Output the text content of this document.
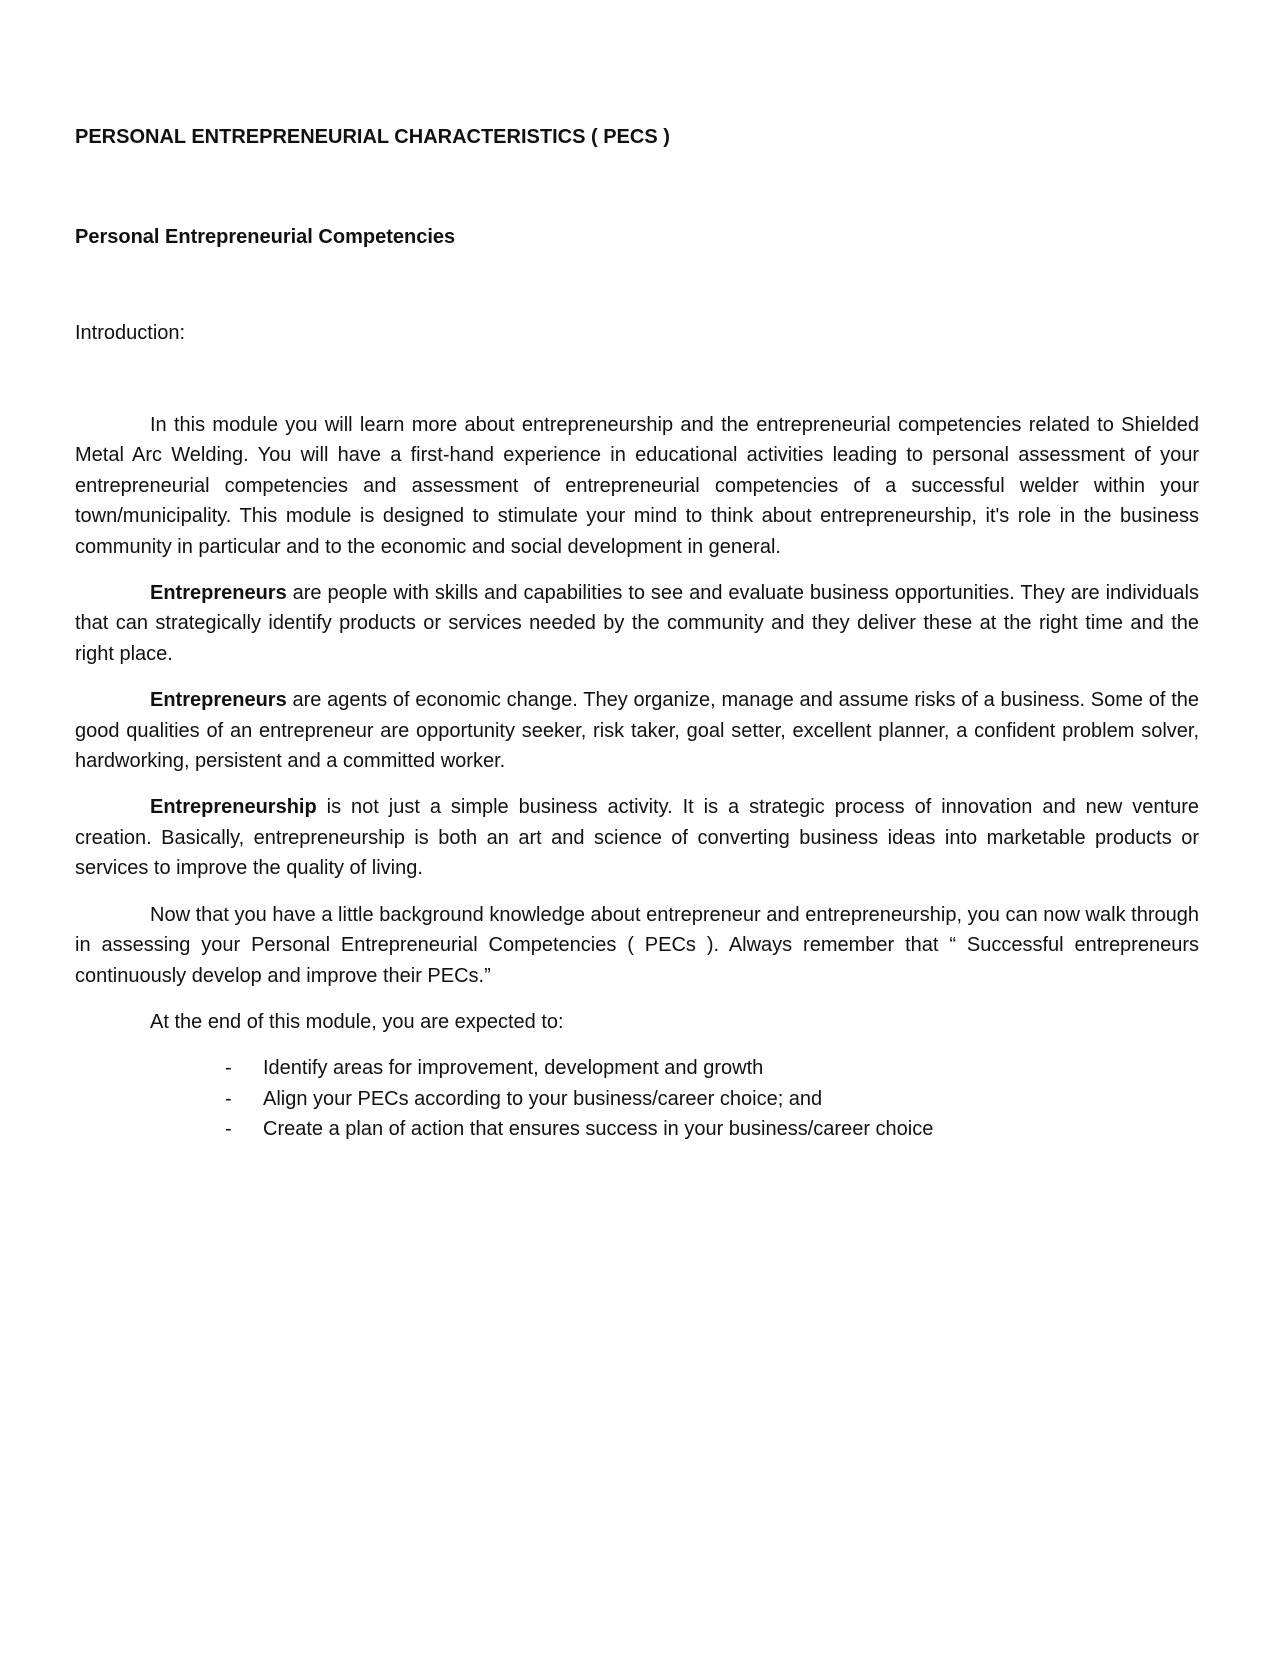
PERSONAL ENTREPRENEURIAL CHARACTERISTICS ( PECS )
Personal Entrepreneurial Competencies

Introduction:

In this module you will learn more about entrepreneurship and the entrepreneurial competencies related to Shielded Metal Arc Welding. You will have a first-hand experience in educational activities leading to personal assessment of your entrepreneurial competencies and assessment of entrepreneurial competencies of a successful welder within your town/municipality. This module is designed to stimulate your mind to think about entrepreneurship, it's role in the business community in particular and to the economic and social development in general.

Entrepreneurs are people with skills and capabilities to see and evaluate business opportunities. They are individuals that can strategically identify products or services needed by the community and they deliver these at the right time and the right place.

Entrepreneurs are agents of economic change. They organize, manage and assume risks of a business. Some of the good qualities of an entrepreneur are opportunity seeker, risk taker, goal setter, excellent planner, a confident problem solver, hardworking, persistent and a committed worker.

Entrepreneurship is not just a simple business activity. It is a strategic process of innovation and new venture creation. Basically, entrepreneurship is both an art and science of converting business ideas into marketable products or services to improve the quality of living.

Now that you have a little background knowledge about entrepreneur and entrepreneurship, you can now walk through in assessing your Personal Entrepreneurial Competencies ( PECs ). Always remember that “ Successful entrepreneurs continuously develop and improve their PECs.”

At the end of this module, you are expected to:

- Identify areas for improvement, development and growth
- Align your PECs according to your business/career choice; and
- Create a plan of action that ensures success in your business/career choice
